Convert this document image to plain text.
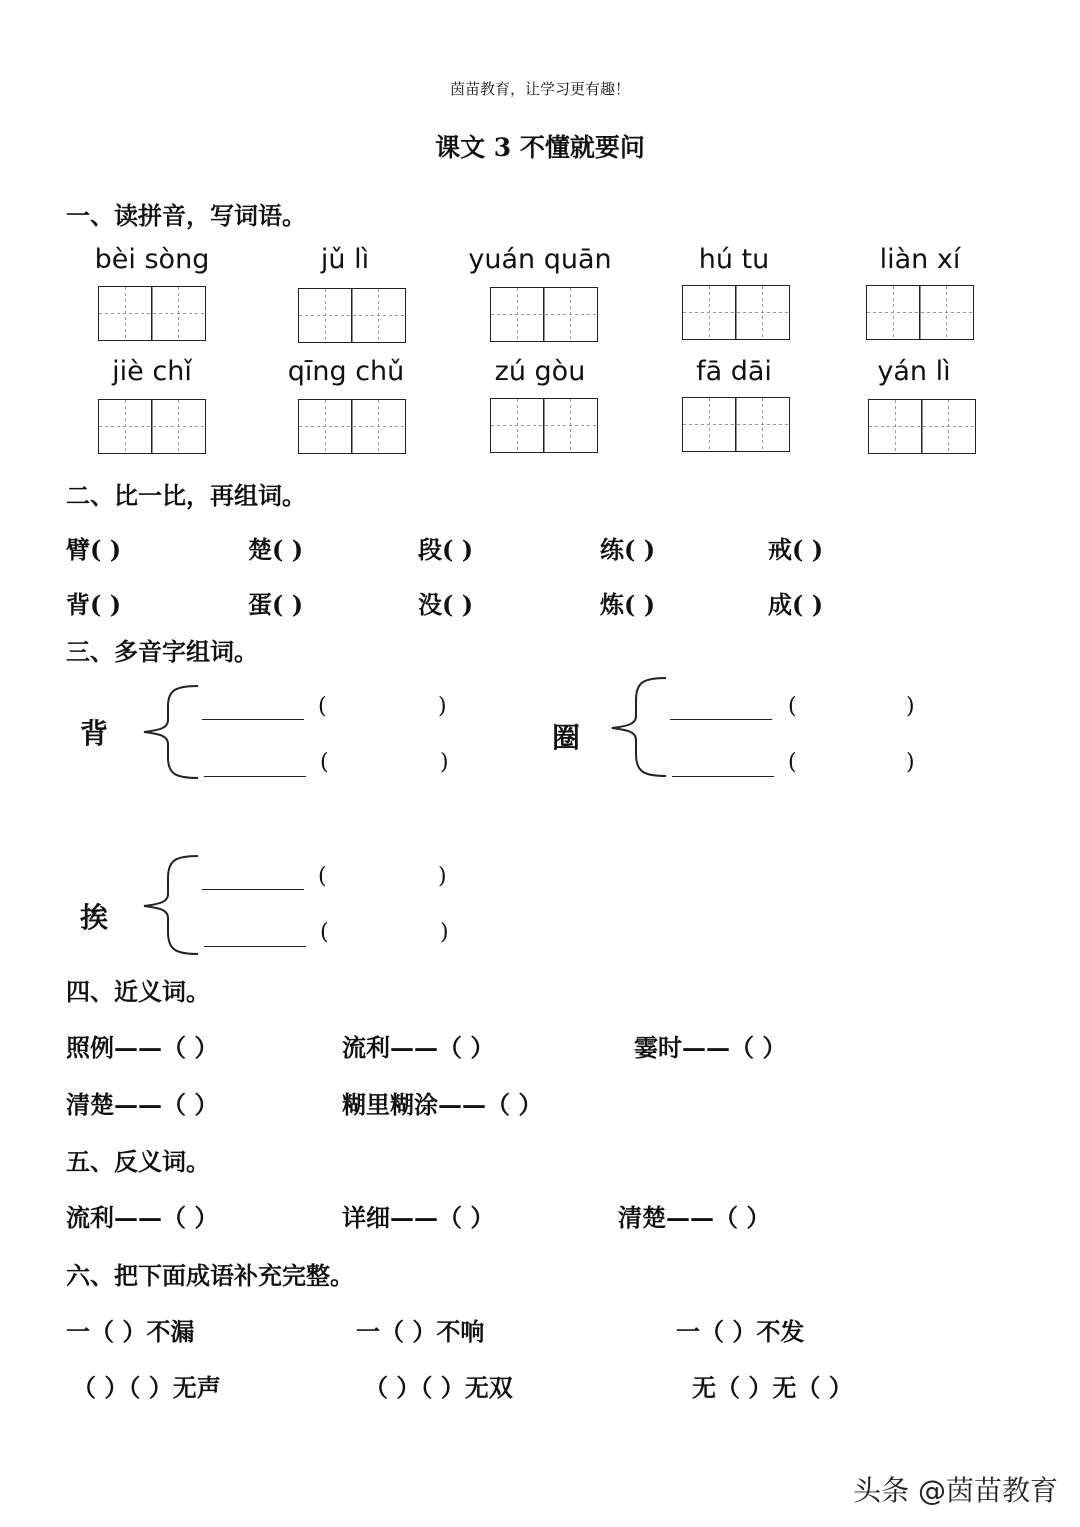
茵苗教育，让学习更有趣！
课文 3 不懂就要问
一、读拼音，写词语。
bèi sòng	jǔ lì	yuán quān	hú tu	liàn xí
jiè chǐ	qīng chǔ	zú gòu	fā dāi	yán lì
二、比一比，再组词。
臂( )	楚( )	段( )	练( )	戒( )
背( )	蛋( )	没( )	炼( )	成( )
三、多音字组词。
背
(	)
(	)
圈
(	)
(	)
挨
(	)
(	)
四、近义词。
照例——（ ）	流利——（ ）	霎时——（ ）
清楚——（ ）	糊里糊涂——（ ）
五、反义词。
流利——（ ）	详细——（ ）	清楚——（ ）
六、把下面成语补充完整。
一（ ）不漏	一（ ）不响	一（ ）不发
（ ）（ ）无声	（ ）（ ）无双	无（ ）无（ ）
头条 @茵苗教育
